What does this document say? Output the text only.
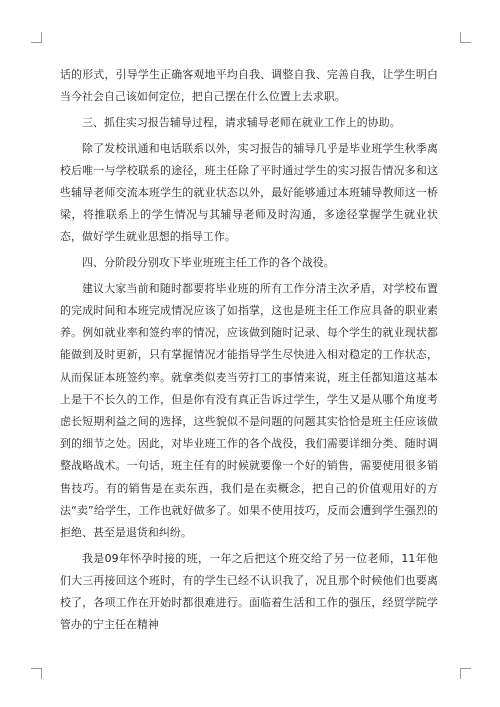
话的形式，引导学生正确客观地平均自我、调整自我、完善自我，让学生明白当今社会自己该如何定位，把自己摆在什么位置上去求职。

三、抓住实习报告辅导过程，请求辅导老师在就业工作上的协助。

除了发校讯通和电话联系以外，实习报告的辅导几乎是毕业班学生秋季离校后唯一与学校联系的途径，班主任除了平时通过学生的实习报告情况多和这些辅导老师交流本班学生的就业状态以外，最好能够通过本班辅导教师这一桥梁，将推联系上的学生情况与其辅导老师及时沟通，多途径掌握学生就业状态，做好学生就业思想的指导工作。

四、分阶段分别攻下毕业班班主任工作的各个战役。

建议大家当前和随时都要将毕业班的所有工作分清主次矛盾，对学校布置的完成时间和本班完成情况应该了如指掌，这也是班主任工作应具备的职业素养。例如就业率和签约率的情况，应该做到随时记录、每个学生的就业现状都能做到及时更新，只有掌握情况才能指导学生尽快进入相对稳定的工作状态，从而保证本班签约率。就拿类似麦当劳打工的事情来说，班主任都知道这基本上是干不长久的工作，但是你有没有真正告诉过学生，学生又是从哪个角度考虑长短期利益之间的选择，这些貌似不是问题的问题其实恰恰是班主任应该做到的细节之处。因此，对毕业班工作的各个战役，我们需要详细分类、随时调整战略战术。一句话，班主任有的时候就要像一个好的销售，需要使用很多销售技巧。有的销售是在卖东西，我们是在卖概念，把自己的价值观用好的方法“卖”给学生，工作也就好做多了。如果不使用技巧，反而会遭到学生强烈的拒绝、甚至是退货和纠纷。

我是09年怀孕时接的班，一年之后把这个班交给了另一位老师，11年他们大三再接回这个班时，有的学生已经不认识我了，况且那个时候他们也要离校了，各项工作在开始时都很难进行。面临着生活和工作的强压，经贸学院学管办的宁主任在精神
